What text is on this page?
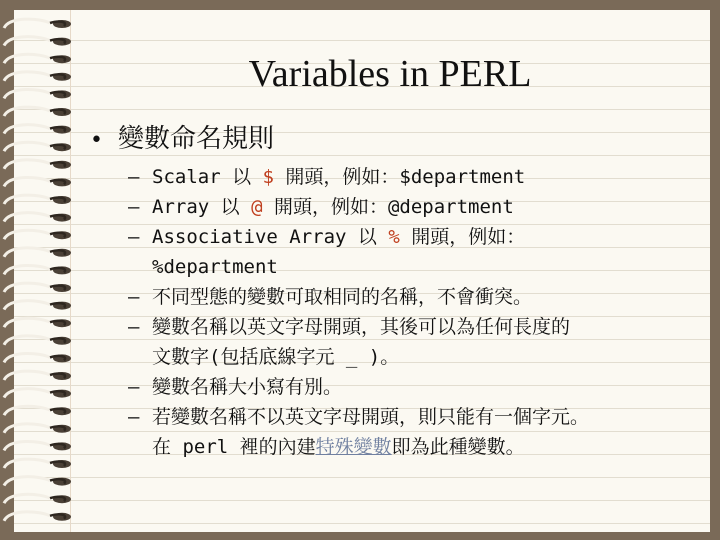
Variables in PERL
• 變數命名規則
– Scalar 以 $ 開頭，例如：$department
– Array 以 @ 開頭，例如：@department
– Associative Array 以 % 開頭，例如：
%department
– 不同型態的變數可取相同的名稱，不會衝突。
– 變數名稱以英文字母開頭，其後可以為任何長度的
文數字(包括底線字元 _ )。
– 變數名稱大小寫有別。
– 若變數名稱不以英文字母開頭，則只能有一個字元。
在 perl 裡的內建特殊變數即為此種變數。
